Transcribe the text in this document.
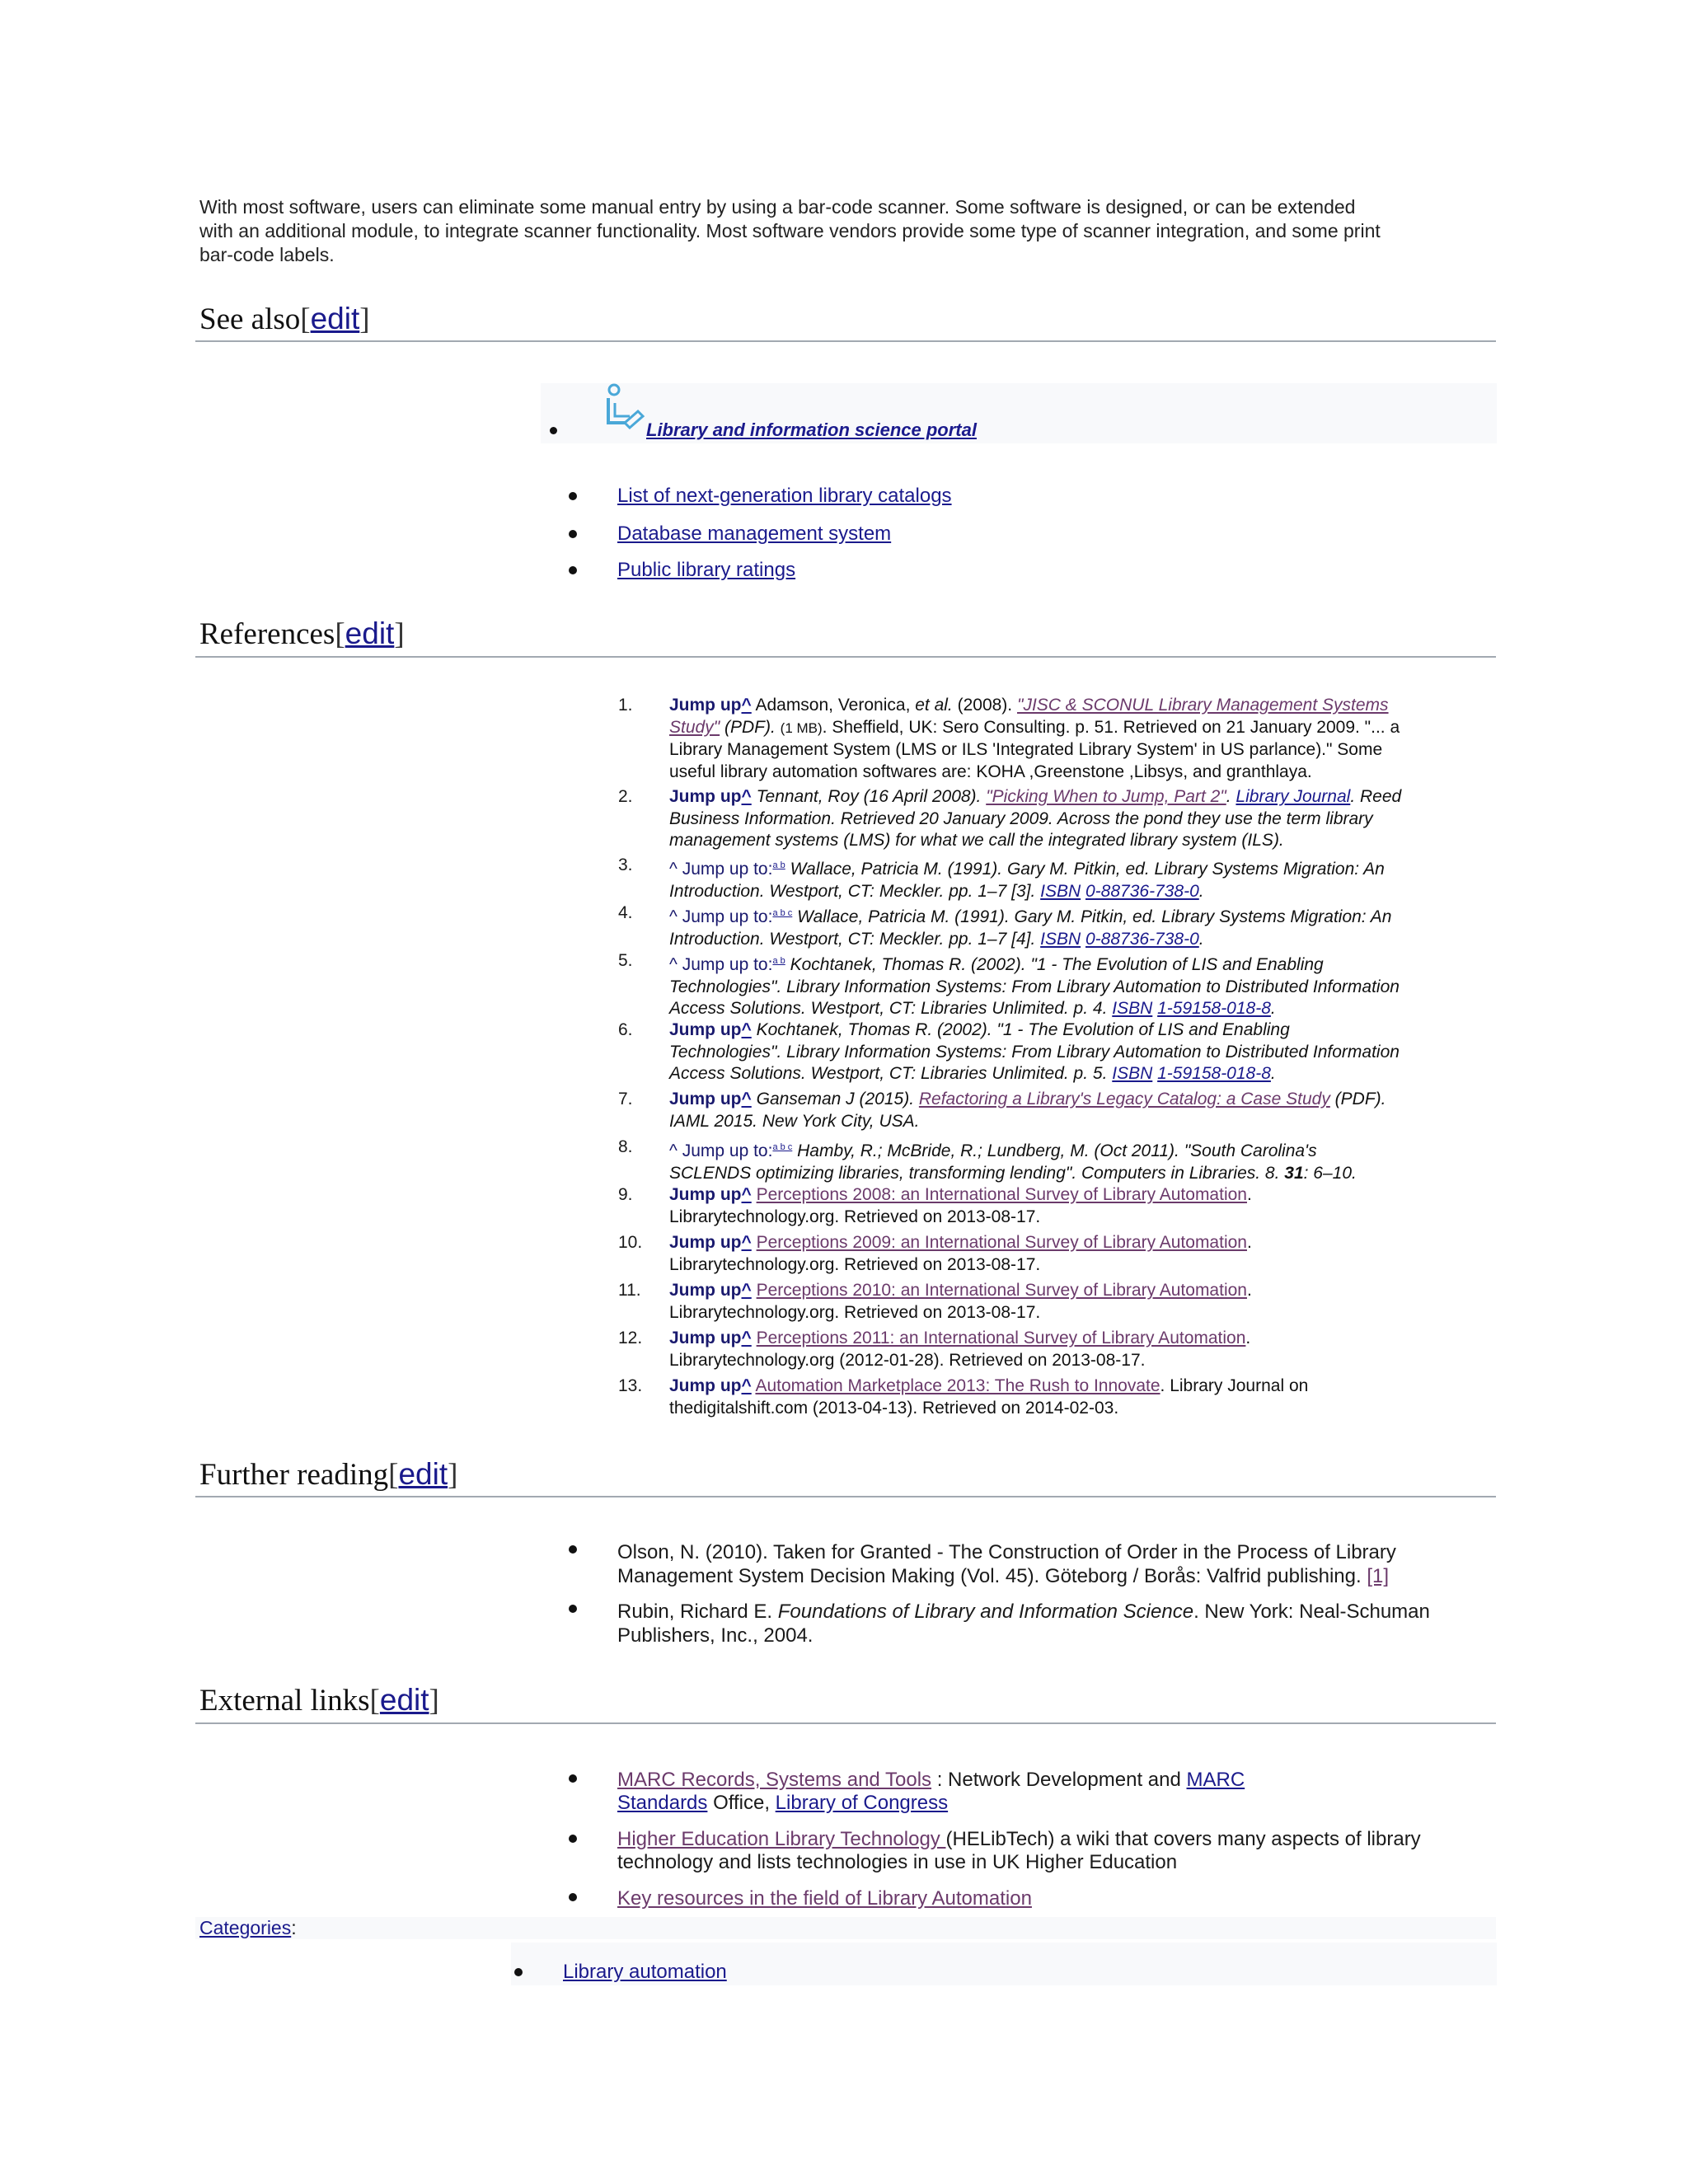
With most software, users can eliminate some manual entry by using a bar-code scanner. Some software is designed, or can be extended
with an additional module, to integrate scanner functionality. Most software vendors provide some type of scanner integration, and some print
bar-code labels.
See also[edit]
Library and information science portal
List of next-generation library catalogs
Database management system
Public library ratings
References[edit]
1.	Jump up^ Adamson, Veronica, et al. (2008). "JISC & SCONUL Library Management Systems
Study" (PDF). (1 MB). Sheffield, UK: Sero Consulting. p. 51. Retrieved on 21 January 2009. "... a
Library Management System (LMS or ILS 'Integrated Library System' in US parlance)." Some
useful library automation softwares are: KOHA ,Greenstone ,Libsys, and granthlaya.
2.	Jump up^ Tennant, Roy (16 April 2008). "Picking When to Jump, Part 2". Library Journal. Reed
Business Information. Retrieved 20 January 2009. Across the pond they use the term library
management systems (LMS) for what we call the integrated library system (ILS).
3.	^ Jump up to:$^{a b}$ Wallace, Patricia M. (1991). Gary M. Pitkin, ed. Library Systems Migration: An
Introduction. Westport, CT: Meckler. pp. 1–7 [3]. ISBN 0-88736-738-0.
4.	^ Jump up to:$^{a b c}$ Wallace, Patricia M. (1991). Gary M. Pitkin, ed. Library Systems Migration: An
Introduction. Westport, CT: Meckler. pp. 1–7 [4]. ISBN 0-88736-738-0.
5.	^ Jump up to:$^{a b}$ Kochtanek, Thomas R. (2002). "1 - The Evolution of LIS and Enabling
Technologies". Library Information Systems: From Library Automation to Distributed Information
Access Solutions. Westport, CT: Libraries Unlimited. p. 4. ISBN 1-59158-018-8.
6.	Jump up^ Kochtanek, Thomas R. (2002). "1 - The Evolution of LIS and Enabling
Technologies". Library Information Systems: From Library Automation to Distributed Information
Access Solutions. Westport, CT: Libraries Unlimited. p. 5. ISBN 1-59158-018-8.
7.	Jump up^ Ganseman J (2015). Refactoring a Library's Legacy Catalog: a Case Study (PDF).
IAML 2015. New York City, USA.
8.	^ Jump up to:$^{a b c}$ Hamby, R.; McBride, R.; Lundberg, M. (Oct 2011). "South Carolina's
SCLENDS optimizing libraries, transforming lending". Computers in Libraries. 8. 31: 6–10.
9.	Jump up^ Perceptions 2008: an International Survey of Library Automation.
Librarytechnology.org. Retrieved on 2013-08-17.
10.	Jump up^ Perceptions 2009: an International Survey of Library Automation.
Librarytechnology.org. Retrieved on 2013-08-17.
11.	Jump up^ Perceptions 2010: an International Survey of Library Automation.
Librarytechnology.org. Retrieved on 2013-08-17.
12.	Jump up^ Perceptions 2011: an International Survey of Library Automation.
Librarytechnology.org (2012-01-28). Retrieved on 2013-08-17.
13.	Jump up^ Automation Marketplace 2013: The Rush to Innovate. Library Journal on
thedigitalshift.com (2013-04-13). Retrieved on 2014-02-03.
Further reading[edit]
Olson, N. (2010). Taken for Granted - The Construction of Order in the Process of Library
Management System Decision Making (Vol. 45). Göteborg / Borås: Valfrid publishing. [1]
Rubin, Richard E. Foundations of Library and Information Science. New York: Neal-Schuman
Publishers, Inc., 2004.
External links[edit]
MARC Records, Systems and Tools : Network Development and MARC
Standards Office, Library of Congress
Higher Education Library Technology (HELibTech) a wiki that covers many aspects of library
technology and lists technologies in use in UK Higher Education
Key resources in the field of Library Automation
Categories:
Library automation
